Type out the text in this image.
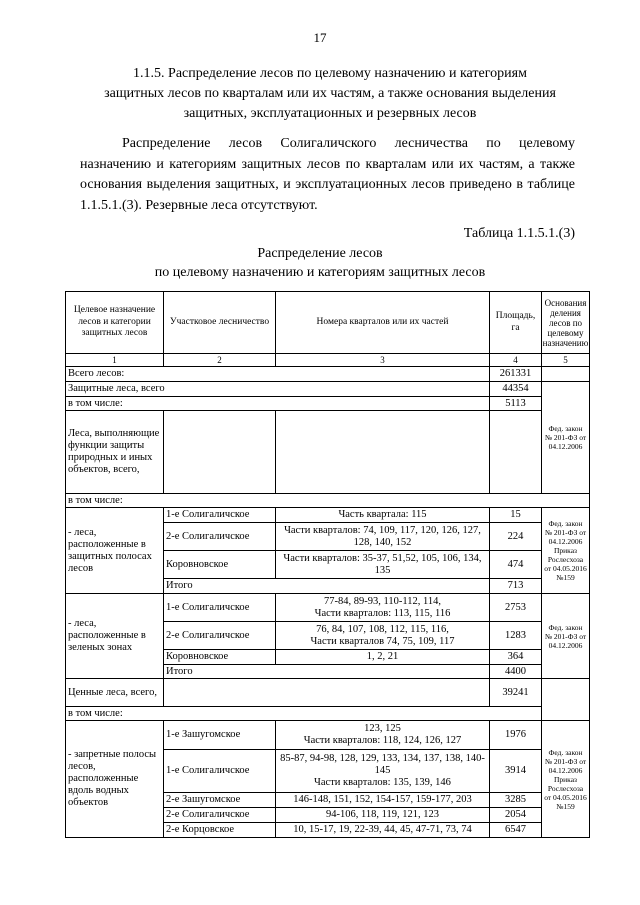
17
1.1.5. Распределение лесов по целевому назначению и категориям
защитных лесов по кварталам или их частям, а также основания выделения
защитных, эксплуатационных и резервных лесов
Распределение лесов Солигаличского лесничества по целевому назначению и категориям защитных лесов по кварталам или их частям, а также основания выделения защитных, и эксплуатационных лесов приведено в таблице 1.1.5.1.(3). Резервные леса отсутствуют.
Таблица 1.1.5.1.(3)
Распределение лесов
по целевому назначению и категориям защитных лесов
Целевое назначение лесов и категории защитных лесов	Участковое лесничество	Номера кварталов или их частей	Площадь, га	Основания деления лесов по целевому назначению
1	2	3	4	5
Всего лесов:			261331	
Защитные леса, всего			44354	Фед. закон № 201-ФЗ от 04.12.2006
в том числе:			5113	
Леса, выполняющие функции защиты природных и иных объектов, всего,				
в том числе:				
- леса, расположенные в защитных полосах лесов	1-е Солигаличское	Часть квартала: 115	15	Фед. закон № 201-ФЗ от 04.12.2006 Приказ Рослесхоза от 04.05.2016 №159
	2-е Солигаличское	Части кварталов: 74, 109, 117, 120, 126, 127, 128, 140, 152	224	
	Коровновское	Части кварталов: 35-37, 51,52, 105, 106, 134, 135	474	
	Итого		713	
- леса, расположенные в зеленых зонах	1-е Солигаличское	77-84, 89-93, 110-112, 114,
Части кварталов: 113, 115, 116	2753	Фед. закон № 201-ФЗ от 04.12.2006
	2-е Солигаличское	76, 84, 107, 108, 112, 115, 116,
Части кварталов 74, 75, 109, 117	1283	
	Коровновское	1, 2, 21	364	
	Итого		4400	
Ценные леса, всего,			39241	
в том числе:				
- запретные полосы лесов, расположенные вдоль водных объектов	1-е Зашугомское	123, 125
Части кварталов: 118, 124, 126, 127	1976	Фед. закон № 201-ФЗ от 04.12.2006 Приказ Рослесхоза от 04.05.2016 №159
	1-е Солигаличское	85-87, 94-98, 128, 129, 133, 134, 137, 138, 140-145
Части кварталов: 135, 139, 146	3914	
	2-е Зашугомское	146-148, 151, 152, 154-157, 159-177, 203	3285	
	2-е Солигаличское	94-106, 118, 119, 121, 123	2054	
	2-е Корцовское	10, 15-17, 19, 22-39, 44, 45, 47-71, 73, 74	6547	
